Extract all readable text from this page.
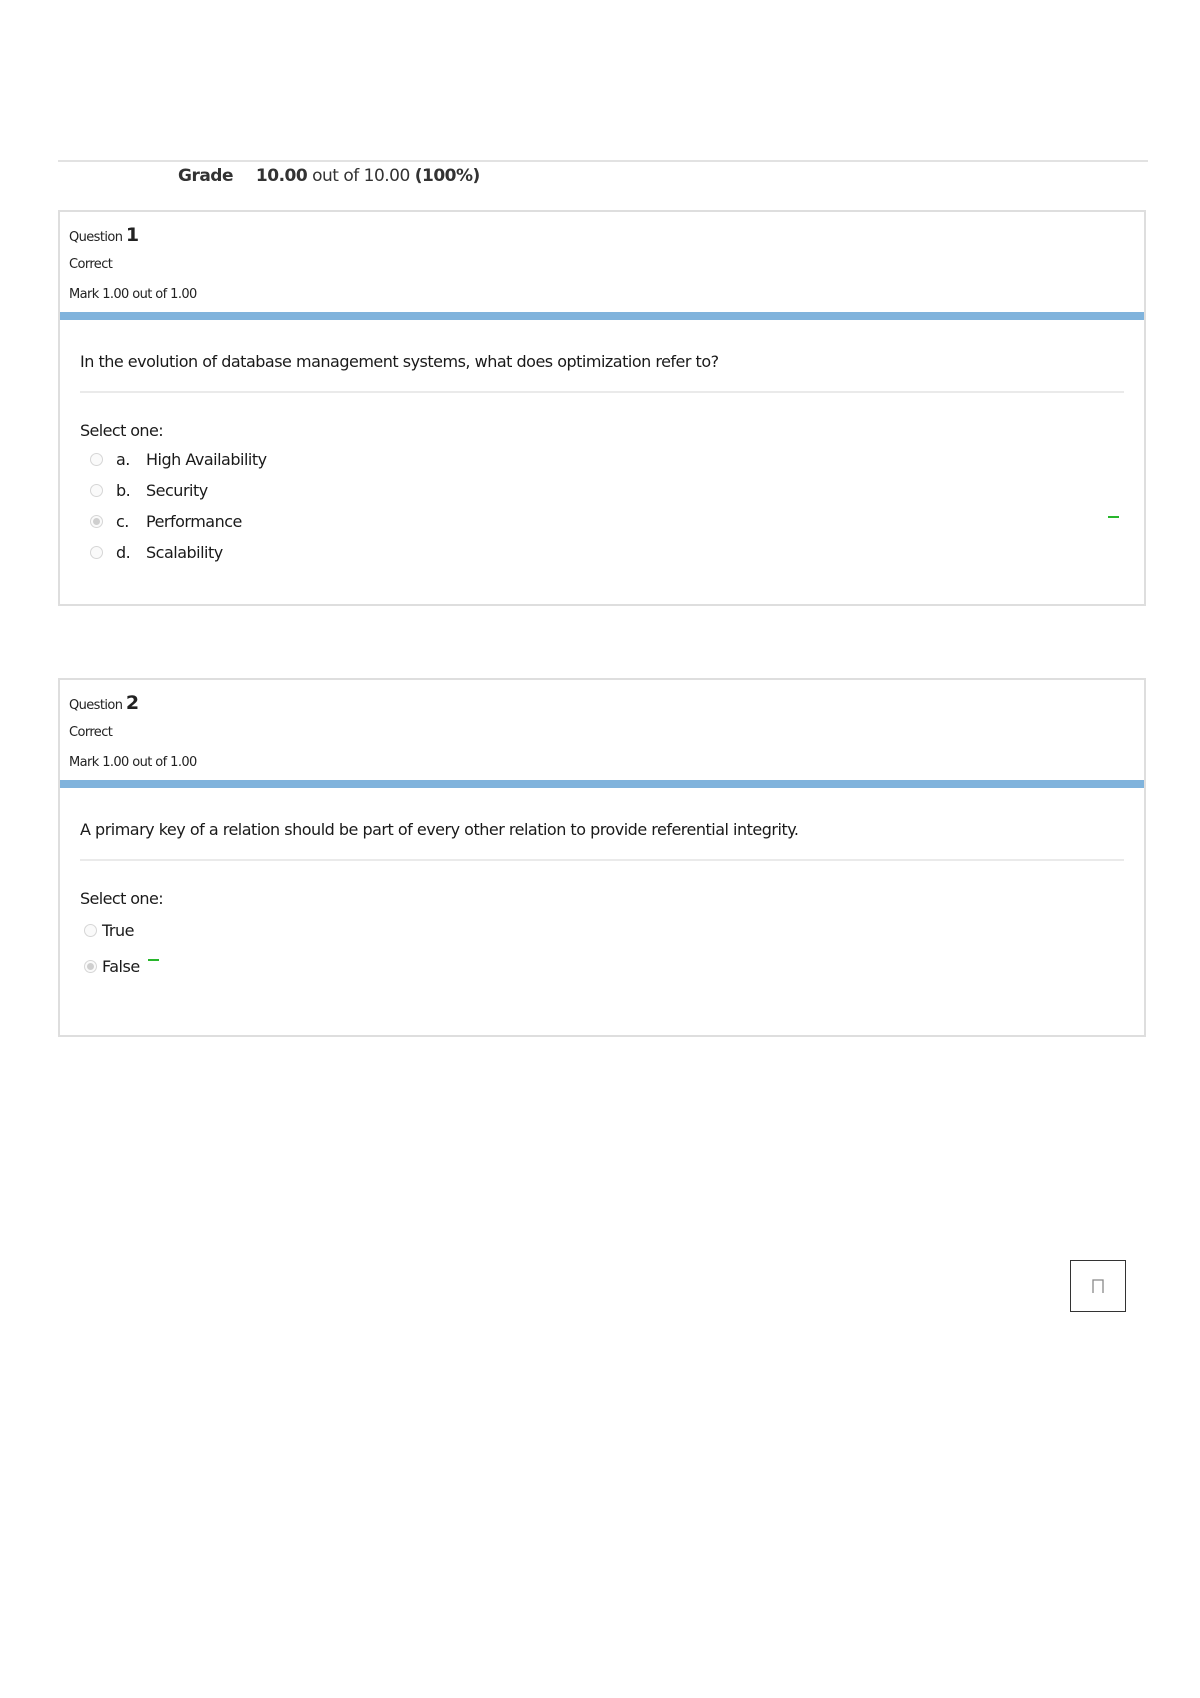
Grade 10.00 out of 10.00 (100%)
Question 1
Correct
Mark 1.00 out of 1.00
In the evolution of database management systems, what does optimization refer to?
Select one:
a.	High Availability
b. Security
c.	Performance
d. Scalability
Question 2
Correct
Mark 1.00 out of 1.00
A primary key of a relation should be part of every other relation to provide referential integrity.
Select one:
True
False
